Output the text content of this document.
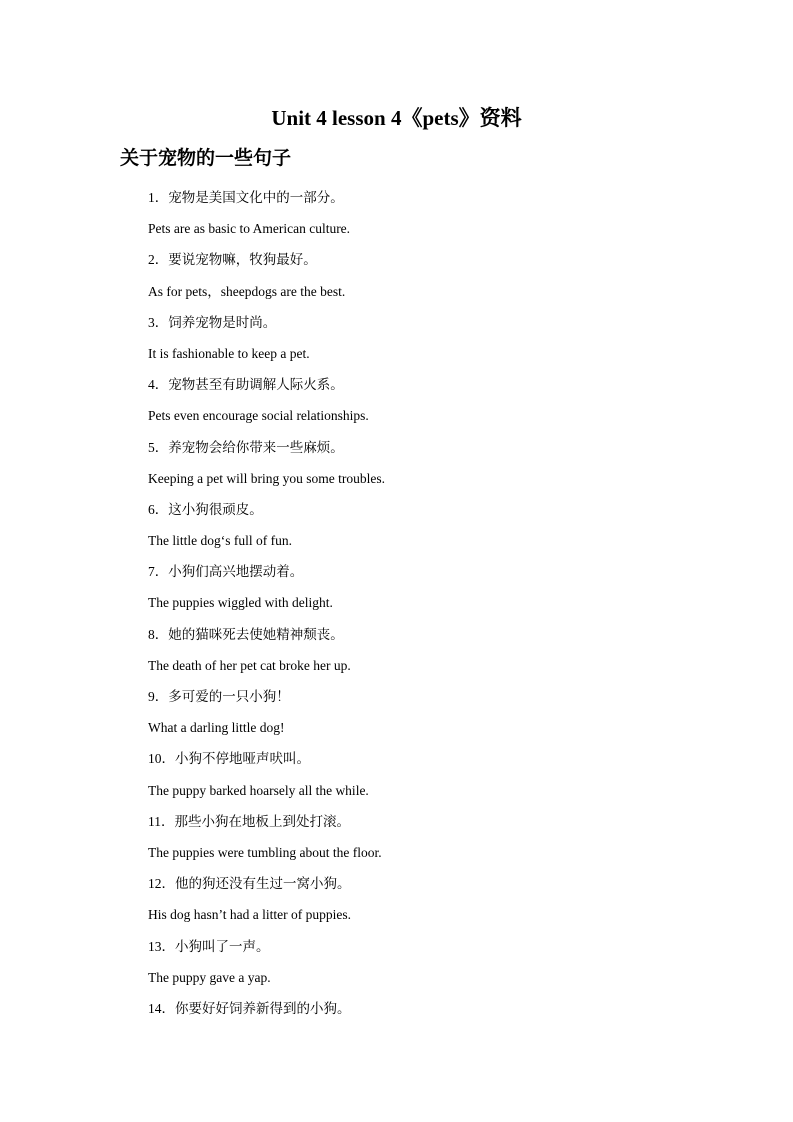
Unit 4 lesson 4《pets》资料
关于宠物的一些句子
1．宠物是美国文化中的一部分。
Pets are as basic to American culture.
2．要说宠物嘛，牧狗最好。
As for pets，sheepdogs are the best.
3．饲养宠物是时尚。
It is fashionable to keep a pet.
4．宠物甚至有助调解人际火系。
Pets even encourage social relationships.
5．养宠物会给你带来一些麻烦。
Keeping a pet will bring you some troubles.
6．这小狗很顽皮。
The little dog‘s full of fun.
7．小狗们高兴地摆动着。
The puppies wiggled with delight.
8．她的猫咪死去使她精神颓丧。
The death of her pet cat broke her up.
9．多可爱的一只小狗！
What a darling little dog!
10．小狗不停地哑声吠叫。
The puppy barked hoarsely all the while.
11．那些小狗在地板上到处打滚。
The puppies were tumbling about the floor.
12．他的狗还没有生过一窝小狗。
His dog hasn’t had a litter of puppies.
13．小狗叫了一声。
The puppy gave a yap.
14．你要好好饲养新得到的小狗。
